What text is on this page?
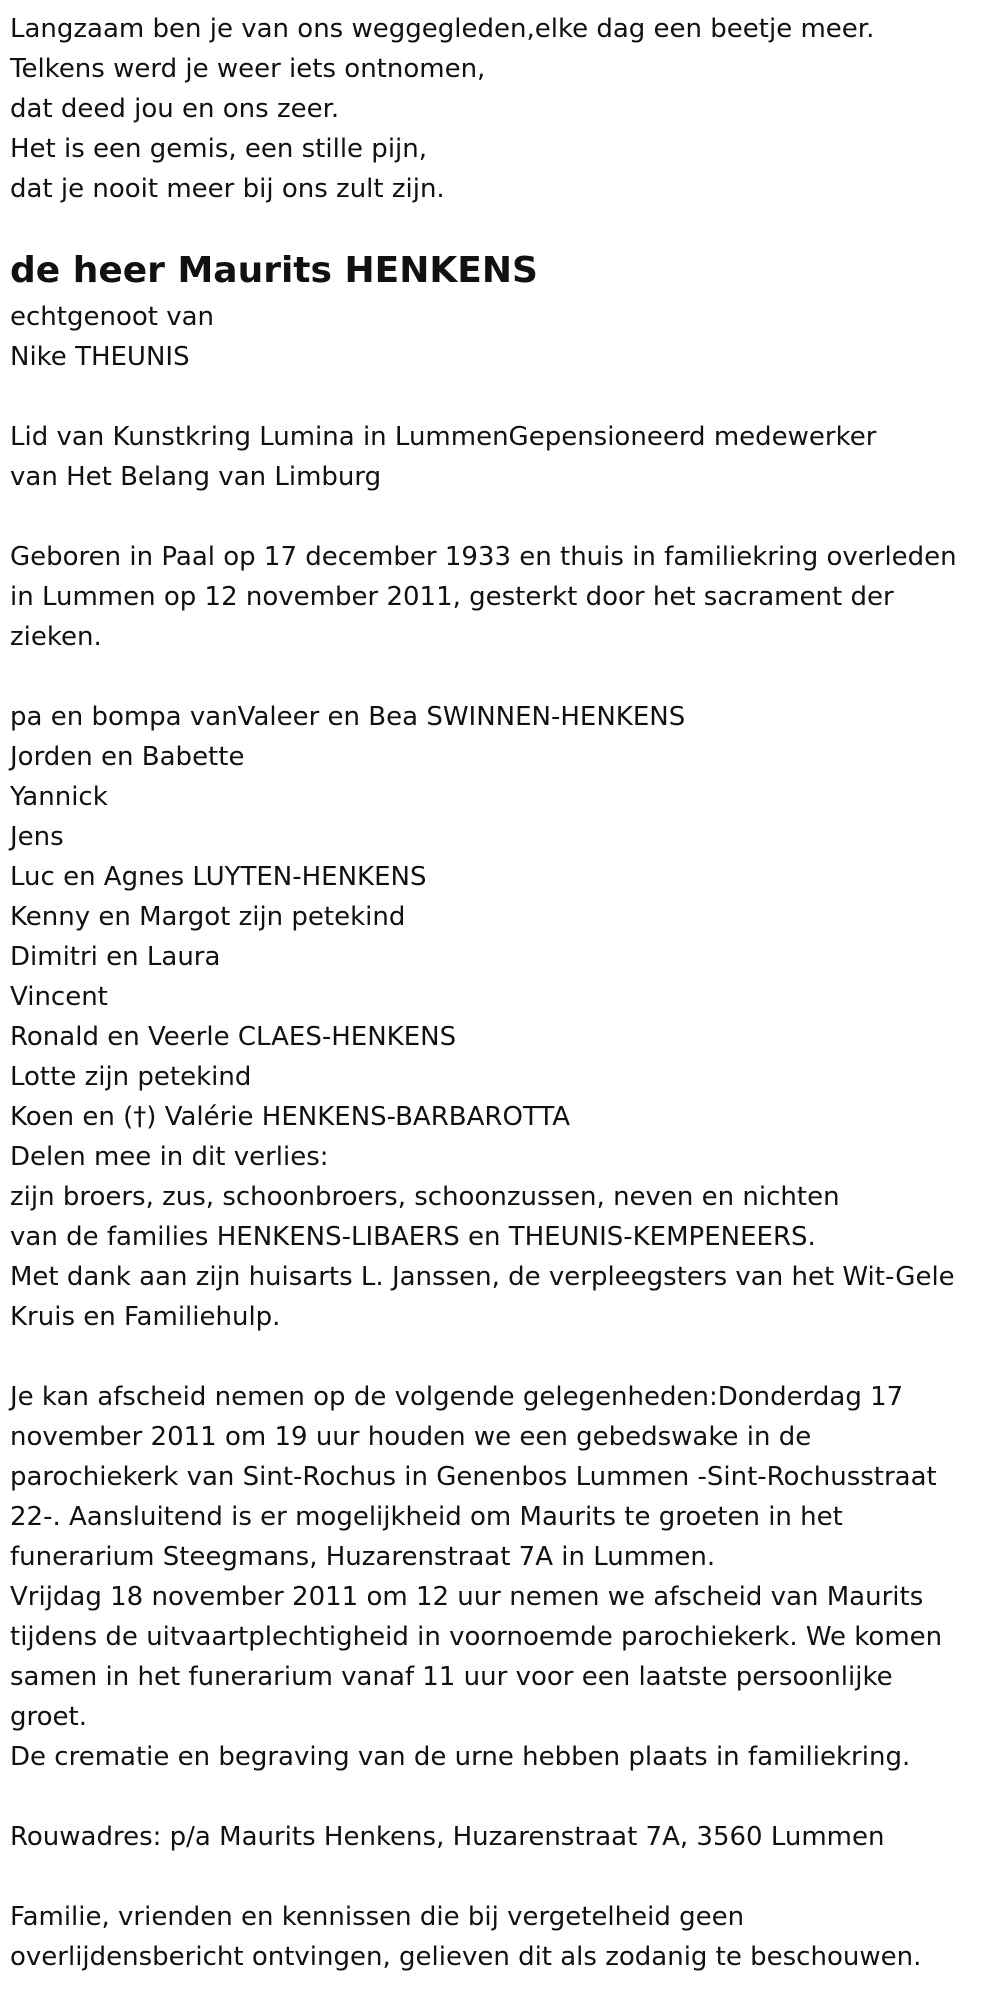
Langzaam ben je van ons weggegleden,elke dag een beetje meer.
Telkens werd je weer iets ontnomen,
dat deed jou en ons zeer.
Het is een gemis, een stille pijn,
dat je nooit meer bij ons zult zijn.
de heer Maurits HENKENS
echtgenoot van
Nike THEUNIS
Lid van Kunstkring Lumina in LummenGepensioneerd medewerker
van Het Belang van Limburg
Geboren in Paal op 17 december 1933 en thuis in familiekring overleden
in Lummen op 12 november 2011, gesterkt door het sacrament der
zieken.
pa en bompa vanValeer en Bea SWINNEN-HENKENS
Jorden en Babette
Yannick
Jens
Luc en Agnes LUYTEN-HENKENS
Kenny en Margot zijn petekind
Dimitri en Laura
Vincent
Ronald en Veerle CLAES-HENKENS
Lotte zijn petekind
Koen en (†) Valérie HENKENS-BARBAROTTA
Delen mee in dit verlies:
zijn broers, zus, schoonbroers, schoonzussen, neven en nichten
van de families HENKENS-LIBAERS en THEUNIS-KEMPENEERS.
Met dank aan zijn huisarts L. Janssen, de verpleegsters van het Wit-Gele
Kruis en Familiehulp.
Je kan afscheid nemen op de volgende gelegenheden:Donderdag 17
november 2011 om 19 uur houden we een gebedswake in de
parochiekerk van Sint-Rochus in Genenbos Lummen -Sint-Rochusstraat
22-. Aansluitend is er mogelijkheid om Maurits te groeten in het
funerarium Steegmans, Huzarenstraat 7A in Lummen.
Vrijdag 18 november 2011 om 12 uur nemen we afscheid van Maurits
tijdens de uitvaartplechtigheid in voornoemde parochiekerk. We komen
samen in het funerarium vanaf 11 uur voor een laatste persoonlijke
groet.
De crematie en begraving van de urne hebben plaats in familiekring.
Rouwadres: p/a Maurits Henkens, Huzarenstraat 7A, 3560 Lummen
Familie, vrienden en kennissen die bij vergetelheid geen
overlijdensbericht ontvingen, gelieven dit als zodanig te beschouwen.
